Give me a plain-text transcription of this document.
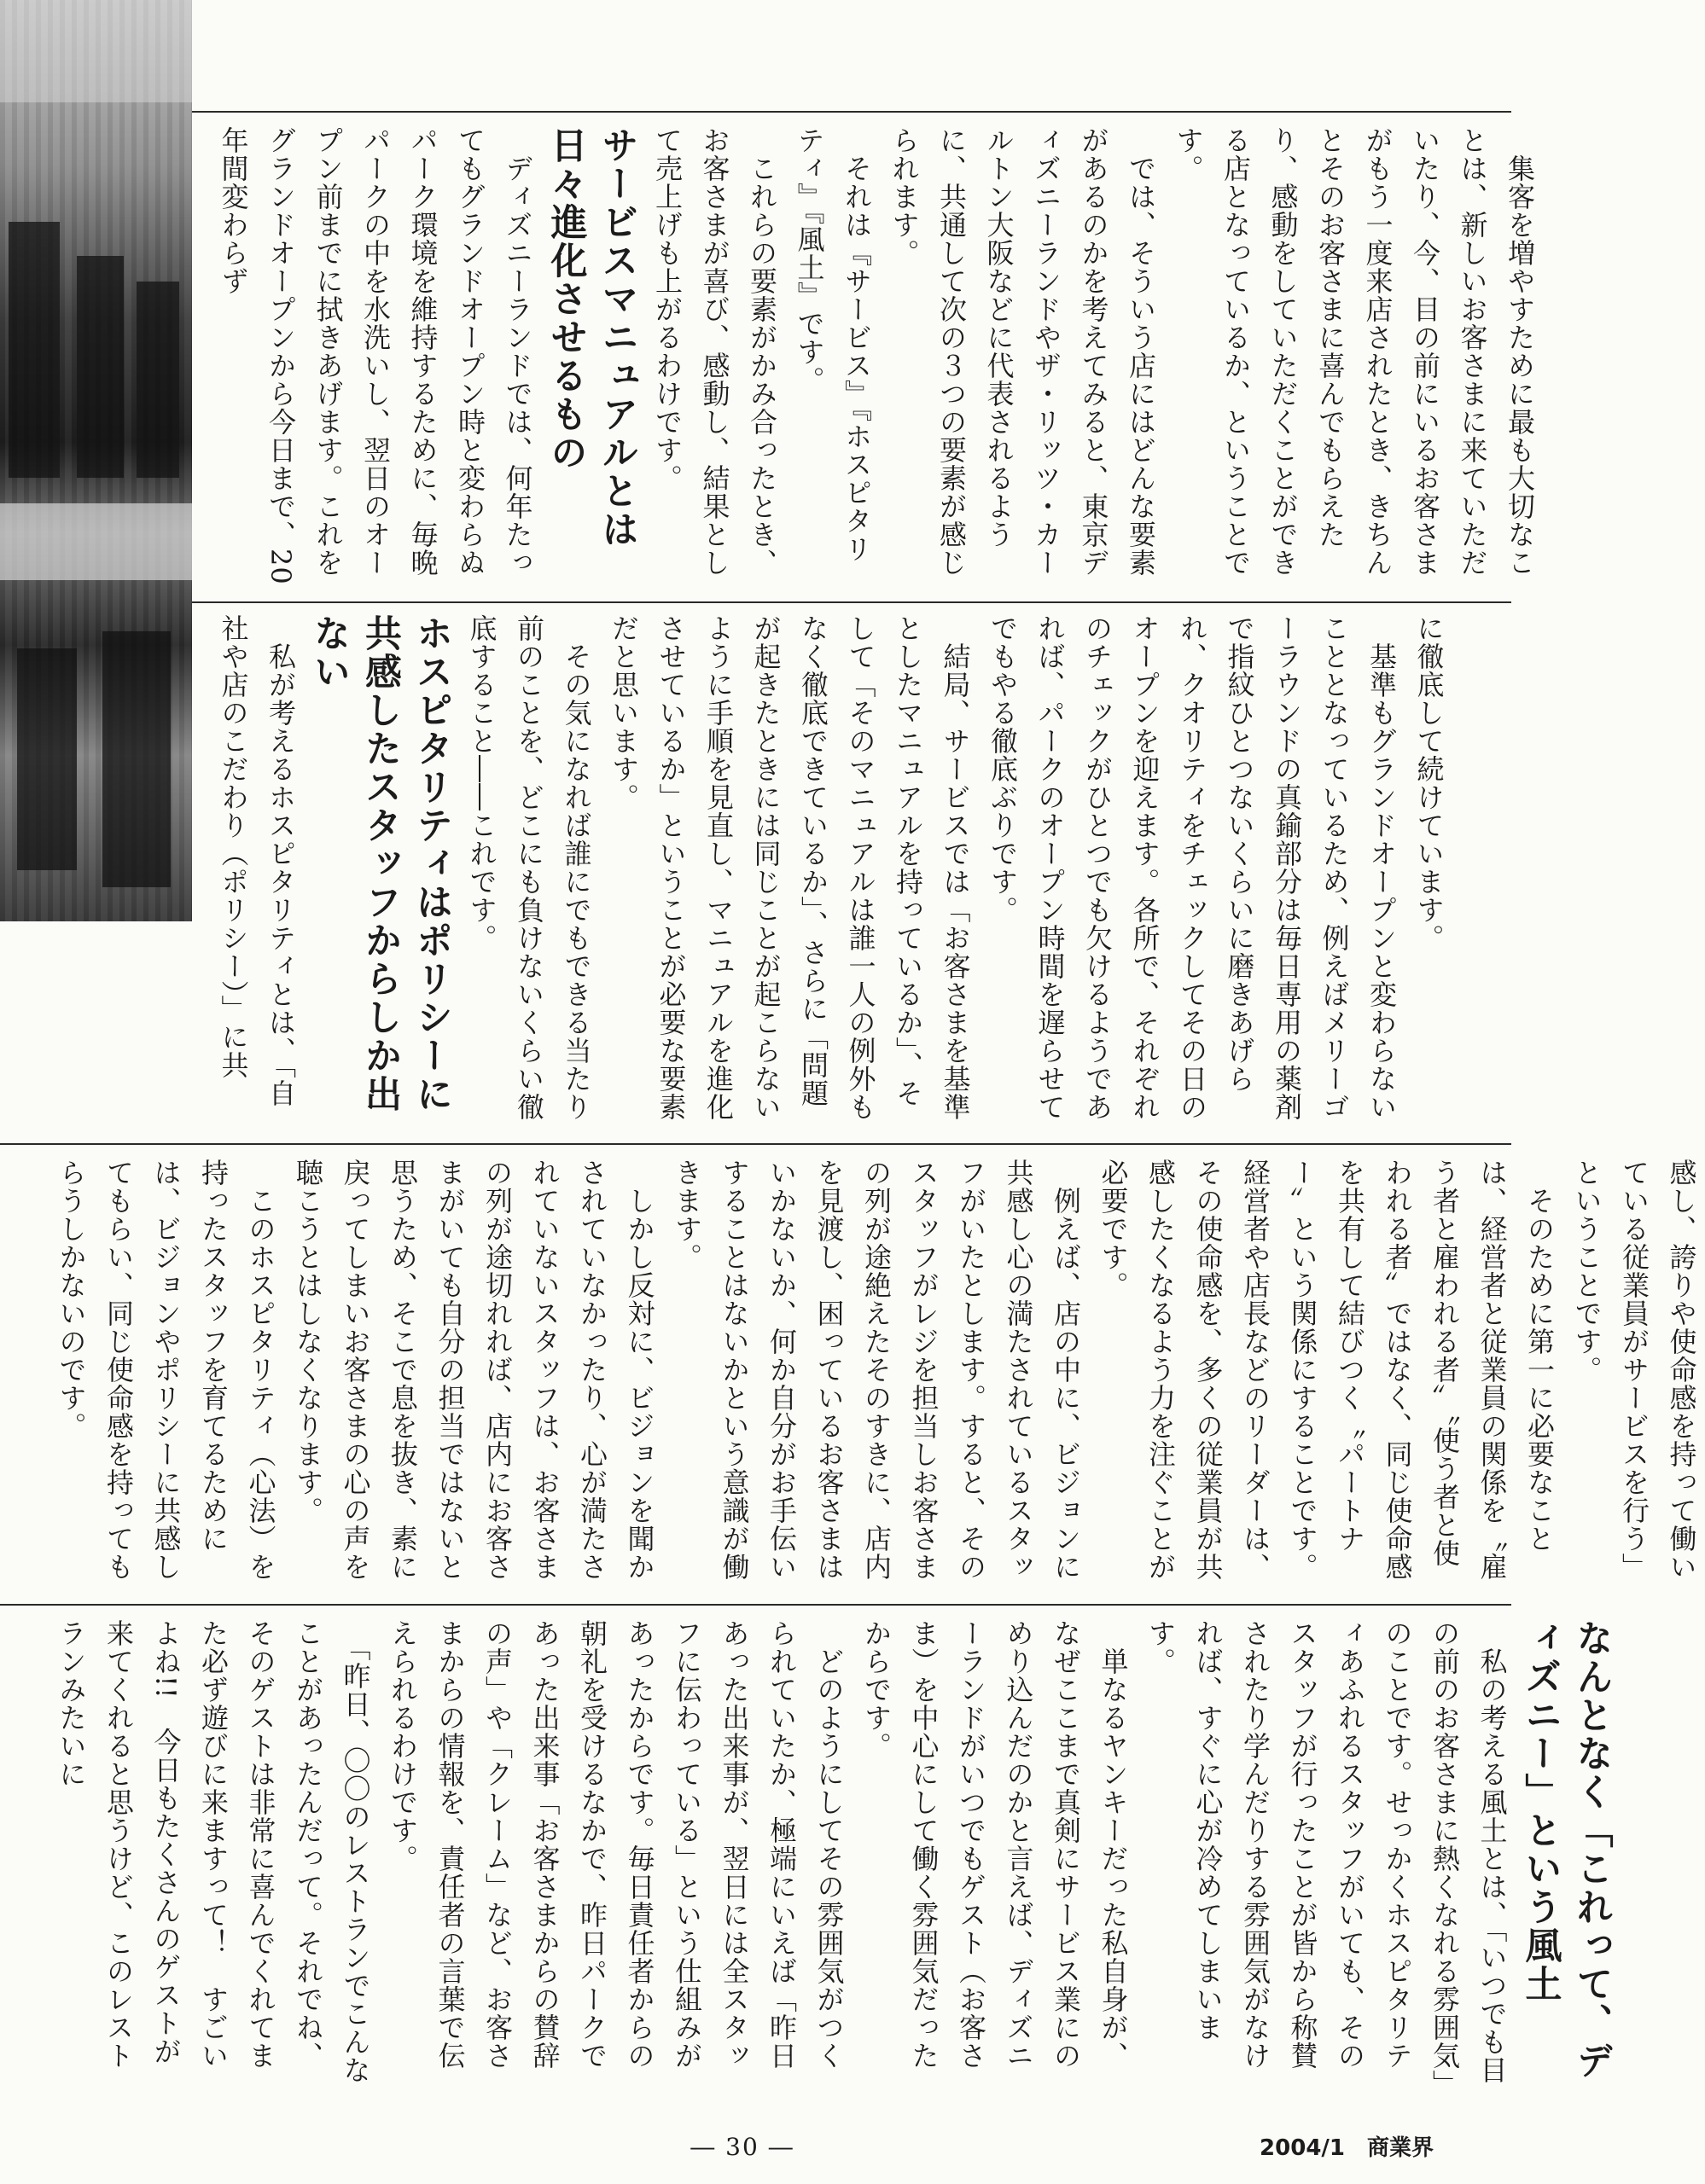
　集客を増やすために最も大切なことは、新しいお客さまに来ていただいたり、今、目の前にいるお客さまがもう一度来店されたとき、きちんとそのお客さまに喜んでもらえたり、感動をしていただくことができる店となっているか、ということです。

　では、そういう店にはどんな要素があるのかを考えてみると、東京ディズニーランドやザ・リッツ・カールトン大阪などに代表されるように、共通して次の３つの要素が感じられます。

　それは『サービス』『ホスピタリティ』『風土』です。

　これらの要素がかみ合ったとき、お客さまが喜び、感動し、結果として売上げも上がるわけです。

サービスマニュアルとは日々進化させるもの

　ディズニーランドでは、何年たってもグランドオープン時と変わらぬパーク環境を維持するために、毎晩パークの中を水洗いし、翌日のオープン前までに拭きあげます。これをグランドオープンから今日まで、20年間変わらず

に徹底して続けています。

　基準もグランドオープンと変わらないこととなっているため、例えばメリーゴーラウンドの真鍮部分は毎日専用の薬剤で指紋ひとつないくらいに磨きあげられ、クオリティをチェックしてその日のオープンを迎えます。各所で、それぞれのチェックがひとつでも欠けるようであれば、パークのオープン時間を遅らせてでもやる徹底ぶりです。

　結局、サービスでは「お客さまを基準としたマニュアルを持っているか」、そして「そのマニュアルは誰一人の例外もなく徹底できているか」、さらに「問題が起きたときには同じことが起こらないように手順を見直し、マニュアルを進化させているか」ということが必要な要素だと思います。

　その気になれば誰にでもできる当たり前のことを、どこにも負けないくらい徹底すること――これです。

ホスピタリティはポリシーに共感したスタッフからしか出ない

　私が考えるホスピタリティとは、「自社や店のこだわり（ポリシー）」に共

感し、誇りや使命感を持って働いている従業員がサービスを行う」ということです。

　そのために第一に必要なことは、経営者と従業員の関係を〝雇う者と雇われる者〟〝使う者と使われる者〟ではなく、同じ使命感を共有して結びつく〝パートナー〟という関係にすることです。経営者や店長などのリーダーは、その使命感を、多くの従業員が共感したくなるよう力を注ぐことが必要です。

　例えば、店の中に、ビジョンに共感し心の満たされているスタッフがいたとします。すると、そのスタッフがレジを担当しお客さまの列が途絶えたそのすきに、店内を見渡し、困っているお客さまはいかないか、何か自分がお手伝いすることはないかという意識が働きます。

　しかし反対に、ビジョンを聞かされていなかったり、心が満たされていないスタッフは、お客さまの列が途切れれば、店内にお客さまがいても自分の担当ではないと思うため、そこで息を抜き、素に戻ってしまいお客さまの心の声を聴こうとはしなくなります。

　このホスピタリティ（心法）を持ったスタッフを育てるためには、ビジョンやポリシーに共感してもらい、同じ使命感を持ってもらうしかないのです。

なんとなく「これって、ディズニー」という風土

　私の考える風土とは、「いつでも目の前のお客さまに熱くなれる雰囲気」のことです。せっかくホスピタリティあふれるスタッフがいても、そのスタッフが行ったことが皆から称賛されたり学んだりする雰囲気がなければ、すぐに心が冷めてしまいます。

　単なるヤンキーだった私自身が、なぜここまで真剣にサービス業にのめり込んだのかと言えば、ディズニーランドがいつでもゲスト（お客さま）を中心にして働く雰囲気だったからです。

　どのようにしてその雰囲気がつくられていたか、極端にいえば「昨日あった出来事が、翌日には全スタッフに伝わっている」という仕組みがあったからです。毎日責任者からの朝礼を受けるなかで、昨日パークであった出来事「お客さまからの賛辞の声」や「クレーム」など、お客さまからの情報を、責任者の言葉で伝えられるわけです。

　「昨日、〇〇のレストランでこんなことがあったんだって。それでね、そのゲストは非常に喜んでくれてまた必ず遊びに来ますって！　すごいよね!!　今日もたくさんのゲストが来てくれると思うけど、このレストランみたいに

― 30 ―	2004/1　商業界
